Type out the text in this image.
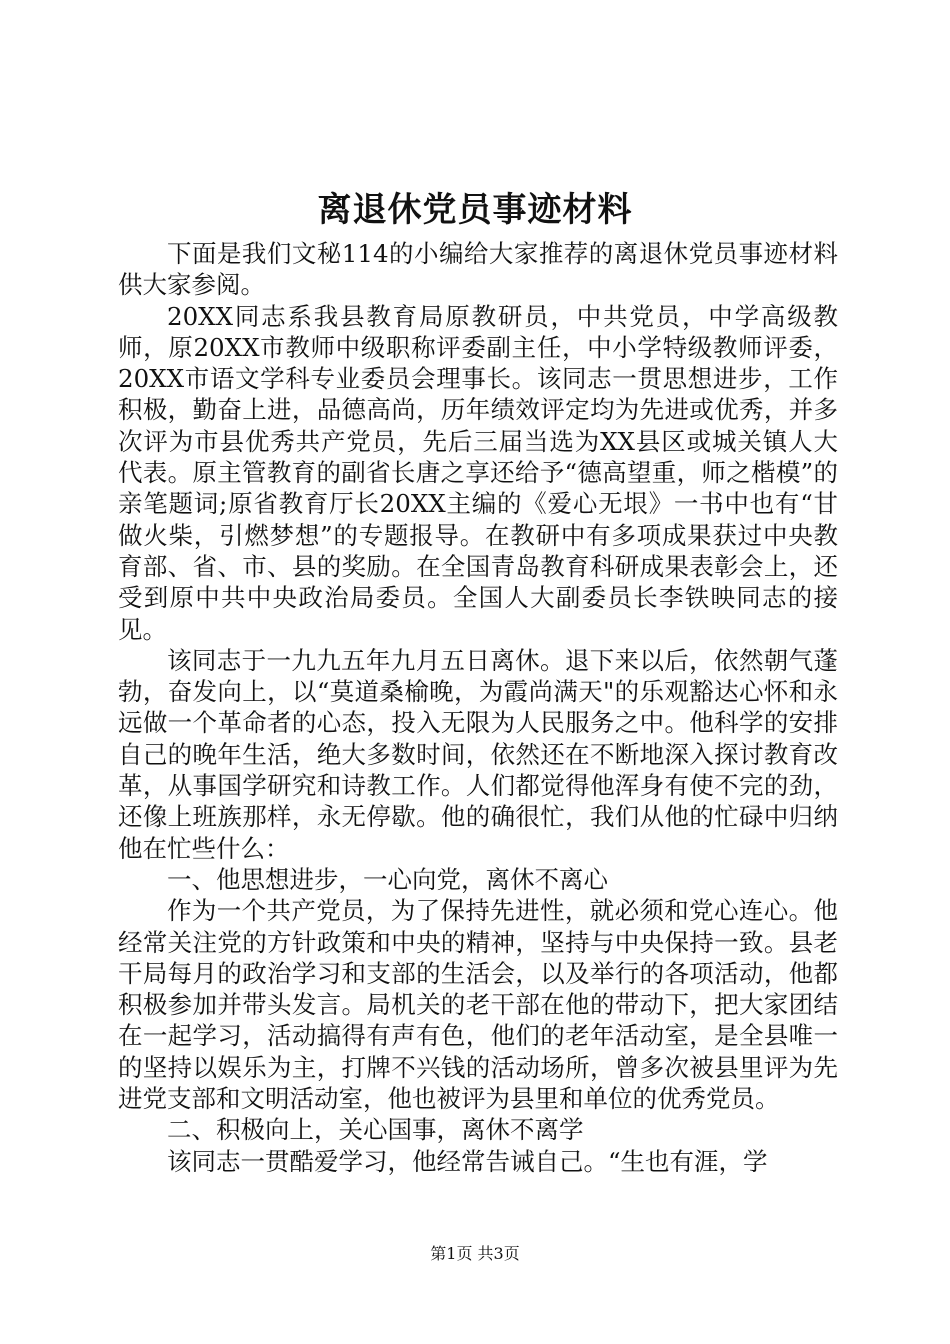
离退休党员事迹材料

下面是我们文秘114的小编给大家推荐的离退休党员事迹材料供大家参阅。

20XX同志系我县教育局原教研员，中共党员，中学高级教师，原20XX市教师中级职称评委副主任，中小学特级教师评委，20XX市语文学科专业委员会理事长。该同志一贯思想进步，工作积极，勤奋上进，品德高尚，历年绩效评定均为先进或优秀，并多次评为市县优秀共产党员，先后三届当选为XX县区或城关镇人大代表。原主管教育的副省长唐之享还给予“德高望重，师之楷模”的亲笔题词;原省教育厅长20XX主编的《爱心无垠》一书中也有“甘做火柴，引燃梦想”的专题报导。在教研中有多项成果获过中央教育部、省、市、县的奖励。在全国青岛教育科研成果表彰会上，还受到原中共中央政治局委员。全国人大副委员长李铁映同志的接见。

该同志于一九九五年九月五日离休。退下来以后，依然朝气蓬勃，奋发向上，以“莫道桑榆晚，为霞尚满天"的乐观豁达心怀和永远做一个革命者的心态，投入无限为人民服务之中。他科学的安排自己的晚年生活，绝大多数时间，依然还在不断地深入探讨教育改革，从事国学研究和诗教工作。人们都觉得他浑身有使不完的劲，还像上班族那样，永无停歇。他的确很忙，我们从他的忙碌中归纳他在忙些什么：

一、他思想进步，一心向党，离休不离心

作为一个共产党员，为了保持先进性，就必须和党心连心。他经常关注党的方针政策和中央的精神，坚持与中央保持一致。县老干局每月的政治学习和支部的生活会，以及举行的各项活动，他都积极参加并带头发言。局机关的老干部在他的带动下，把大家团结在一起学习，活动搞得有声有色，他们的老年活动室，是全县唯一的坚持以娱乐为主，打牌不兴钱的活动场所，曾多次被县里评为先进党支部和文明活动室，他也被评为县里和单位的优秀党员。

二、积极向上，关心国事，离休不离学

该同志一贯酷爱学习，他经常告诫自己。“生也有涯，学

第1页 共3页
